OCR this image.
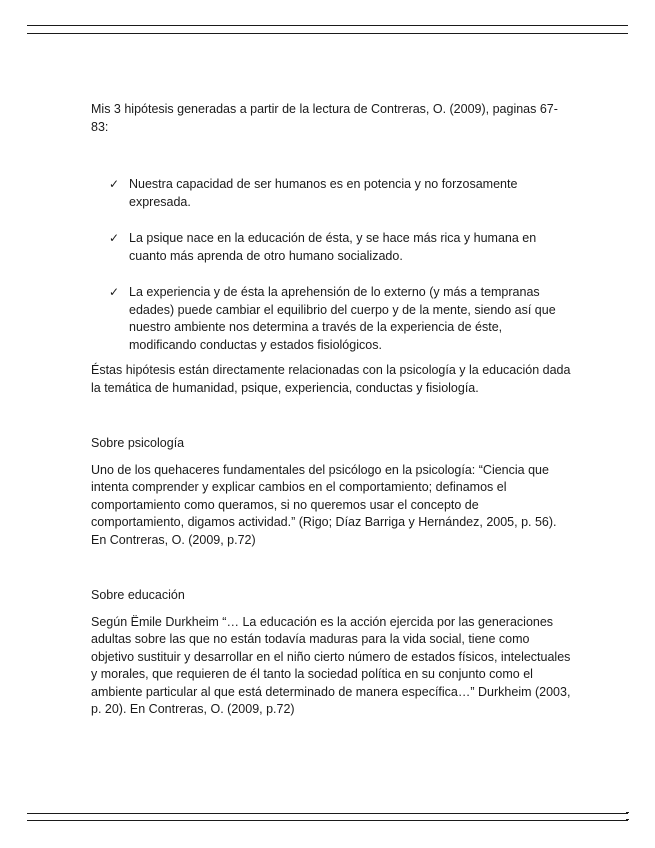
Mis 3 hipótesis generadas a partir de la lectura de Contreras, O. (2009), paginas 67- 83:

✓ Nuestra capacidad de ser humanos es en potencia y no forzosamente expresada.
✓ La psique nace en la educación de ésta, y se hace más rica y humana en cuanto más aprenda de otro humano socializado.
✓ La experiencia y de ésta la aprehensión de lo externo (y más a tempranas edades) puede cambiar el equilibrio del cuerpo y de la mente, siendo así que nuestro ambiente nos determina a través de la experiencia de éste, modificando conductas y estados fisiológicos.

Éstas hipótesis están directamente relacionadas con la psicología y la educación dada la temática de humanidad, psique, experiencia, conductas y fisiología.

Sobre psicología

Uno de los quehaceres fundamentales del psicólogo en la psicología: “Ciencia que intenta comprender y explicar cambios en el comportamiento; definamos el comportamiento como queramos, si no queremos usar el concepto de comportamiento, digamos actividad.” (Rigo; Díaz Barriga y Hernández, 2005, p. 56). En Contreras, O. (2009, p.72)

Sobre educación

Según Ëmile Durkheim “… La educación es la acción ejercida por las generaciones adultas sobre las que no están todavía maduras para la vida social, tiene como objetivo sustituir y desarrollar en el niño cierto número de estados físicos, intelectuales y morales, que requieren de él tanto la sociedad política en su conjunto como el ambiente particular al que está determinado de manera específica…” Durkheim (2003, p. 20). En Contreras, O. (2009, p.72)
